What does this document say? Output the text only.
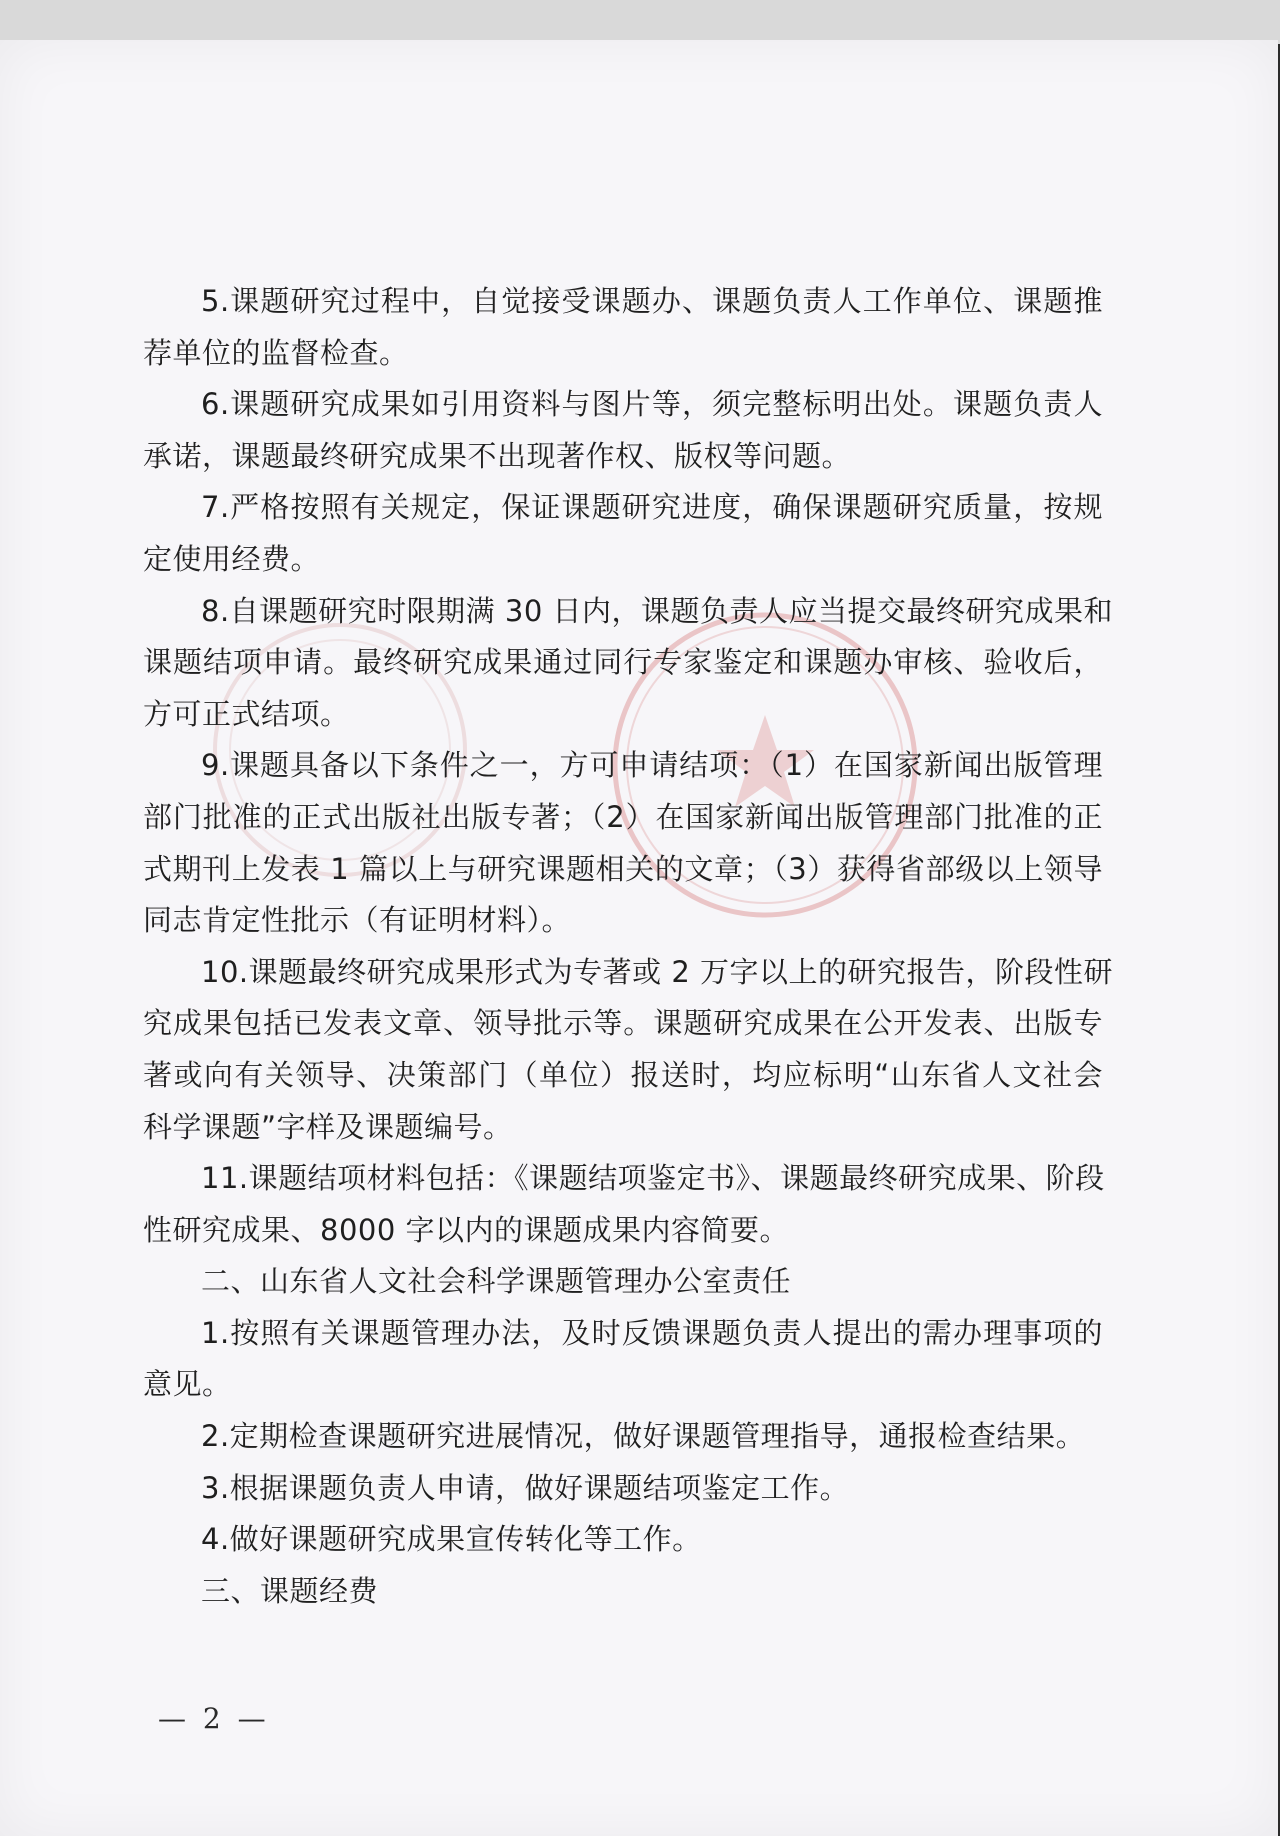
5.课题研究过程中，自觉接受课题办、课题负责人工作单位、课题推
荐单位的监督检查。
6.课题研究成果如引用资料与图片等，须完整标明出处。课题负责人
承诺，课题最终研究成果不出现著作权、版权等问题。
7.严格按照有关规定，保证课题研究进度，确保课题研究质量，按规
定使用经费。
8.自课题研究时限期满 30 日内，课题负责人应当提交最终研究成果和
课题结项申请。最终研究成果通过同行专家鉴定和课题办审核、验收后，
方可正式结项。
9.课题具备以下条件之一，方可申请结项：（1）在国家新闻出版管理
部门批准的正式出版社出版专著；（2）在国家新闻出版管理部门批准的正
式期刊上发表 1 篇以上与研究课题相关的文章；（3）获得省部级以上领导
同志肯定性批示（有证明材料）。
10.课题最终研究成果形式为专著或 2 万字以上的研究报告，阶段性研
究成果包括已发表文章、领导批示等。课题研究成果在公开发表、出版专
著或向有关领导、决策部门（单位）报送时，均应标明“山东省人文社会
科学课题”字样及课题编号。
11.课题结项材料包括：《课题结项鉴定书》、课题最终研究成果、阶段
性研究成果、8000 字以内的课题成果内容简要。
二、山东省人文社会科学课题管理办公室责任
1.按照有关课题管理办法，及时反馈课题负责人提出的需办理事项的
意见。
2.定期检查课题研究进展情况，做好课题管理指导，通报检查结果。
3.根据课题负责人申请，做好课题结项鉴定工作。
4.做好课题研究成果宣传转化等工作。
三、课题经费
— 2 —
